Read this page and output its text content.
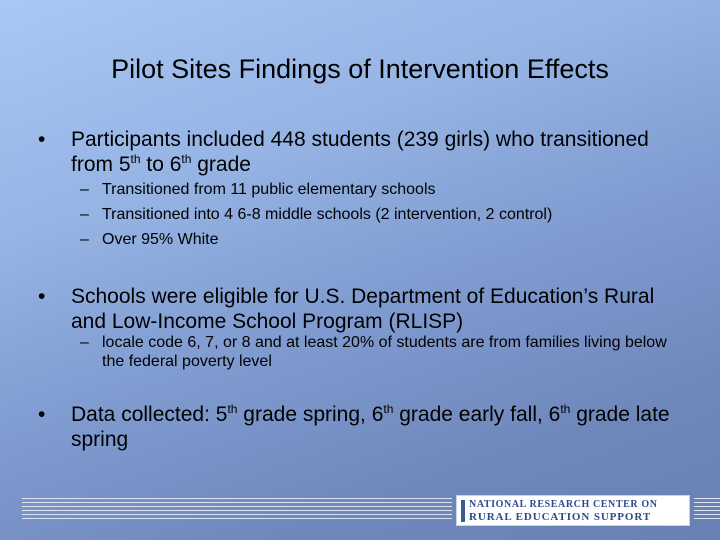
Pilot Sites Findings of Intervention Effects
•	Participants included 448 students (239 girls) who transitioned from 5th to 6th grade
– Transitioned from 11 public elementary schools
– Transitioned into 4 6-8 middle schools (2 intervention, 2 control)
– Over 95% White
•	Schools were eligible for U.S. Department of Education’s Rural and Low-Income School Program (RLISP)
– locale code 6, 7, or 8 and at least 20% of students are from families living below the federal poverty level
•	Data collected: 5th grade spring, 6th grade early fall, 6th grade late spring
NATIONAL RESEARCH CENTER ON
RURAL EDUCATION SUPPORT
